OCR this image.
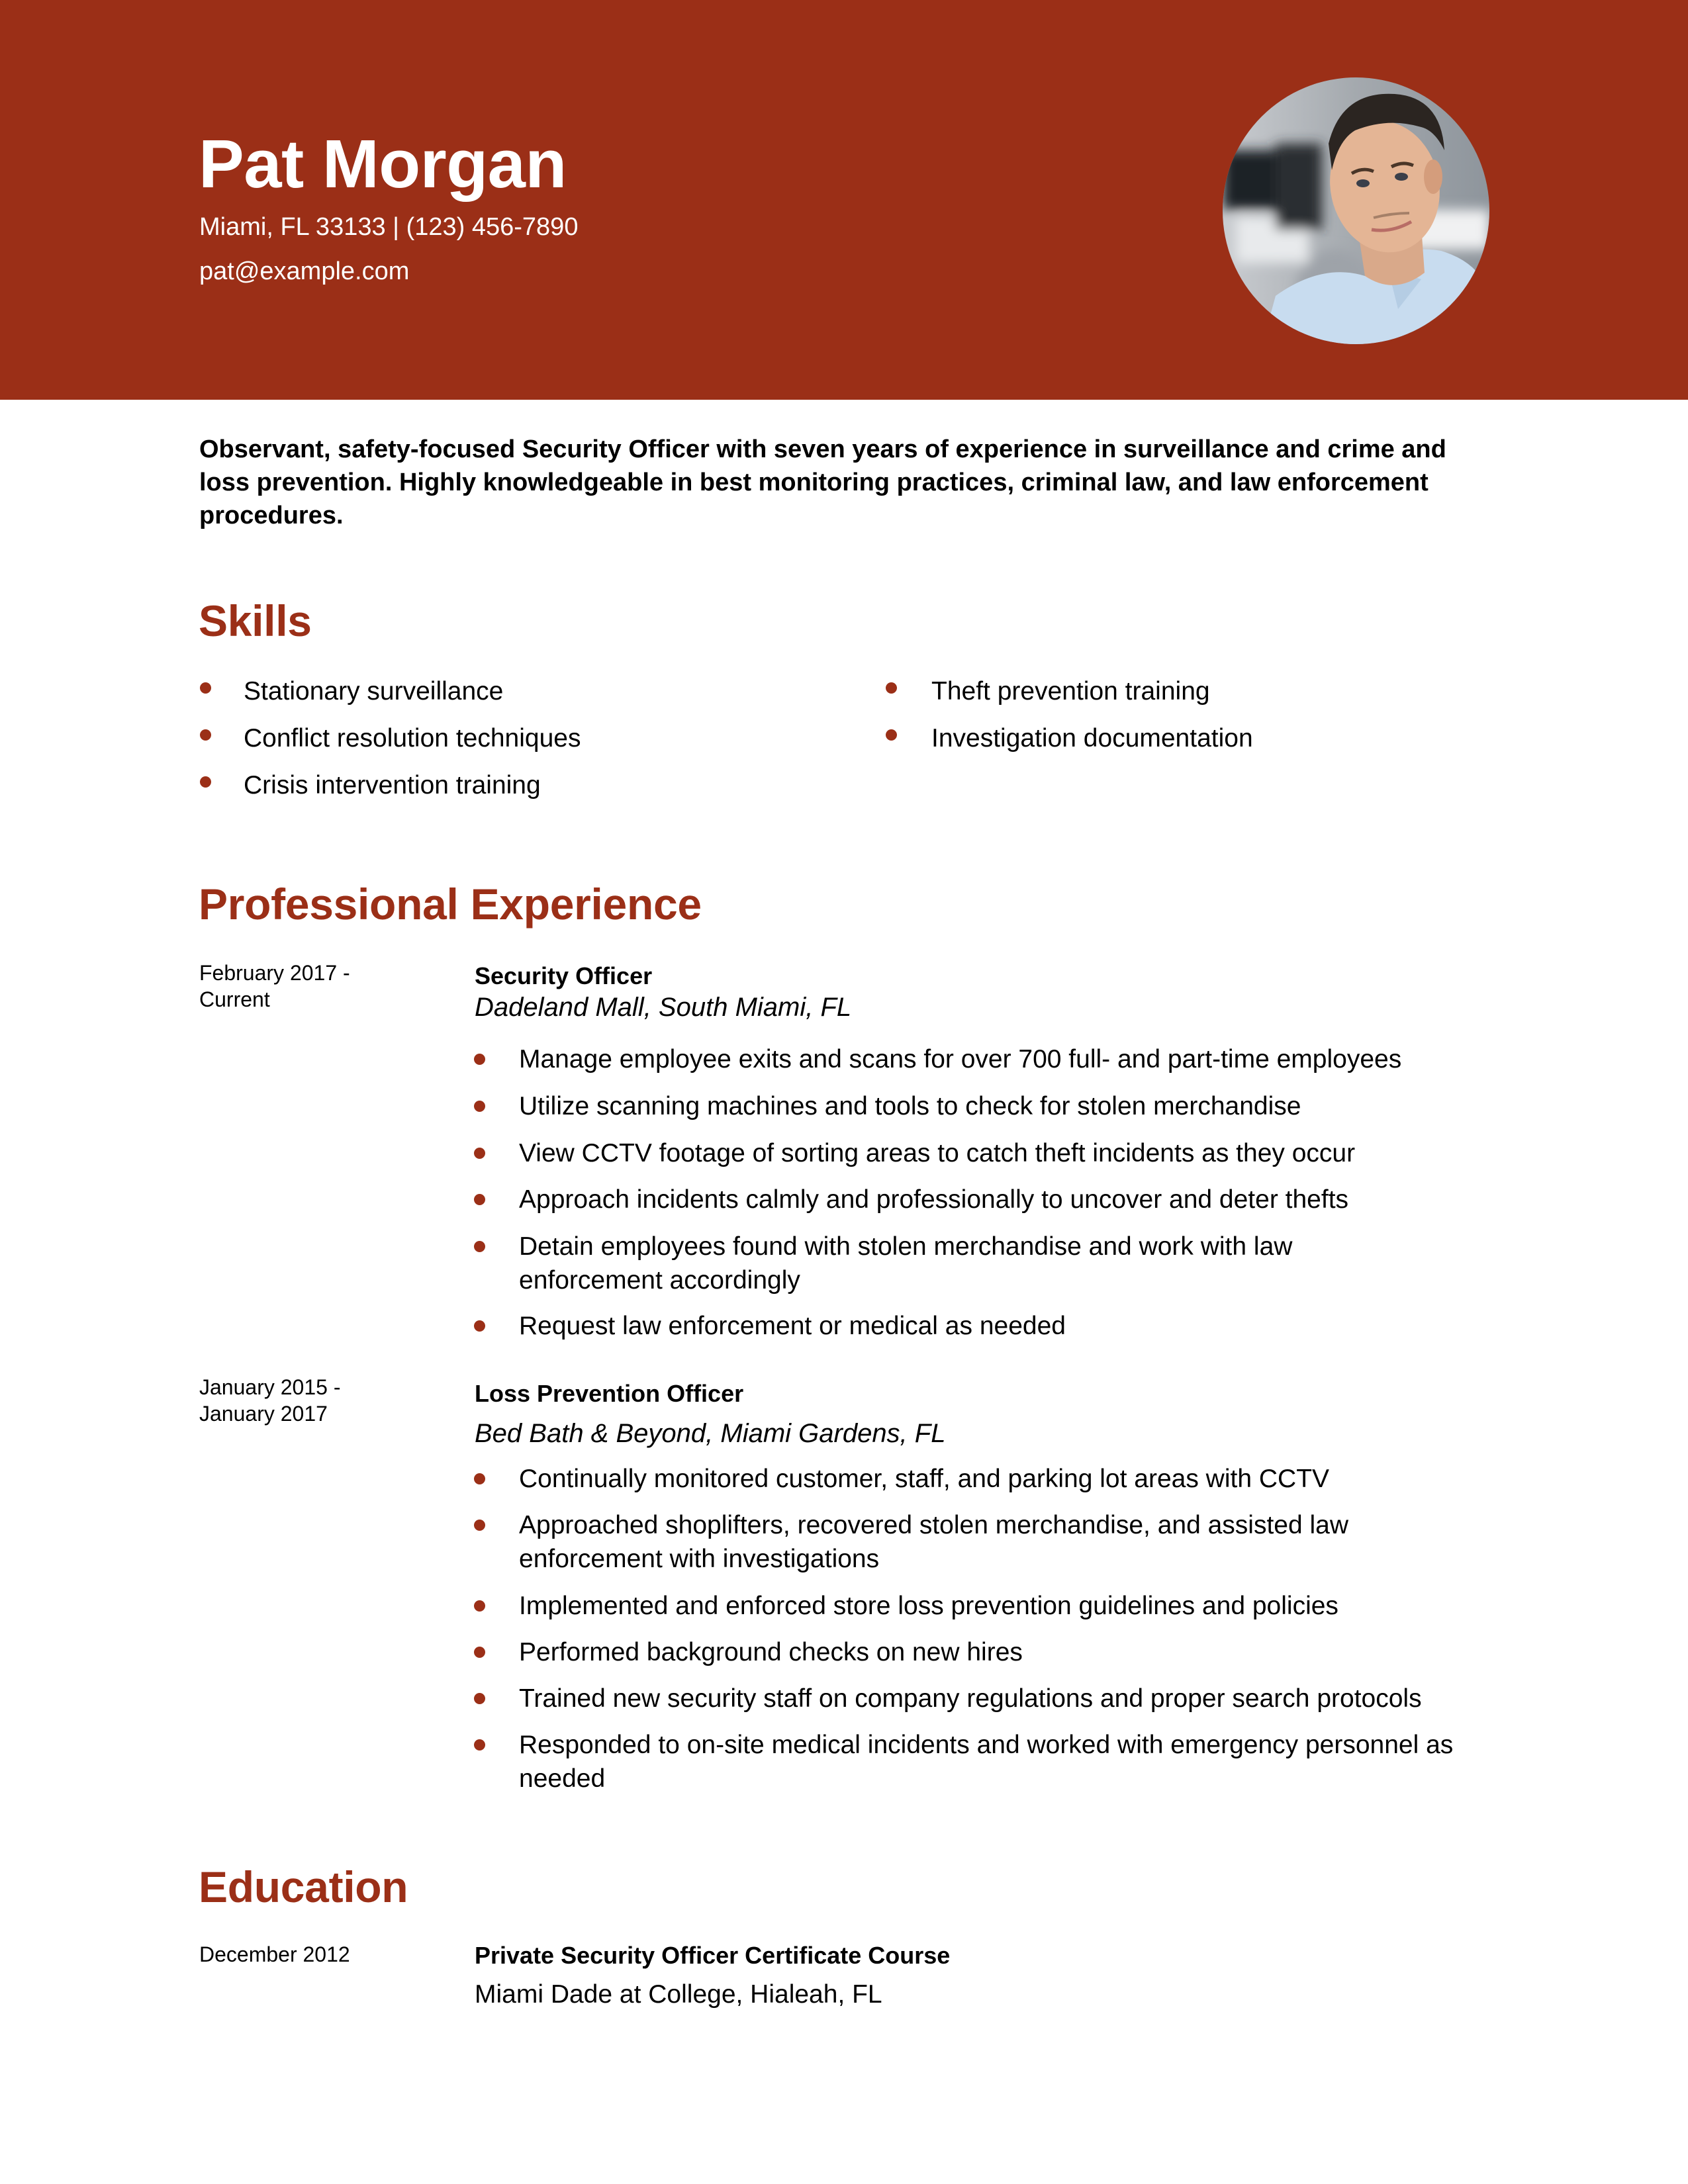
Pat Morgan
Miami, FL 33133 | (123) 456-7890
pat@example.com
Observant, safety-focused Security Officer with seven years of experience in surveillance and crime and loss prevention. Highly knowledgeable in best monitoring practices, criminal law, and law enforcement procedures.
Skills
Stationary surveillance
Conflict resolution techniques
Crisis intervention training
Theft prevention training
Investigation documentation
Professional Experience
February 2017 -
Current
Security Officer
Dadeland Mall, South Miami, FL
Manage employee exits and scans for over 700 full- and part-time employees
Utilize scanning machines and tools to check for stolen merchandise
View CCTV footage of sorting areas to catch theft incidents as they occur
Approach incidents calmly and professionally to uncover and deter thefts
Detain employees found with stolen merchandise and work with law enforcement accordingly
Request law enforcement or medical as needed
January 2015 -
January 2017
Loss Prevention Officer
Bed Bath & Beyond, Miami Gardens, FL
Continually monitored customer, staff, and parking lot areas with CCTV
Approached shoplifters, recovered stolen merchandise, and assisted law enforcement with investigations
Implemented and enforced store loss prevention guidelines and policies
Performed background checks on new hires
Trained new security staff on company regulations and proper search protocols
Responded to on-site medical incidents and worked with emergency personnel as needed
Education
December 2012	Private Security Officer Certificate Course
Miami Dade at College, Hialeah, FL
